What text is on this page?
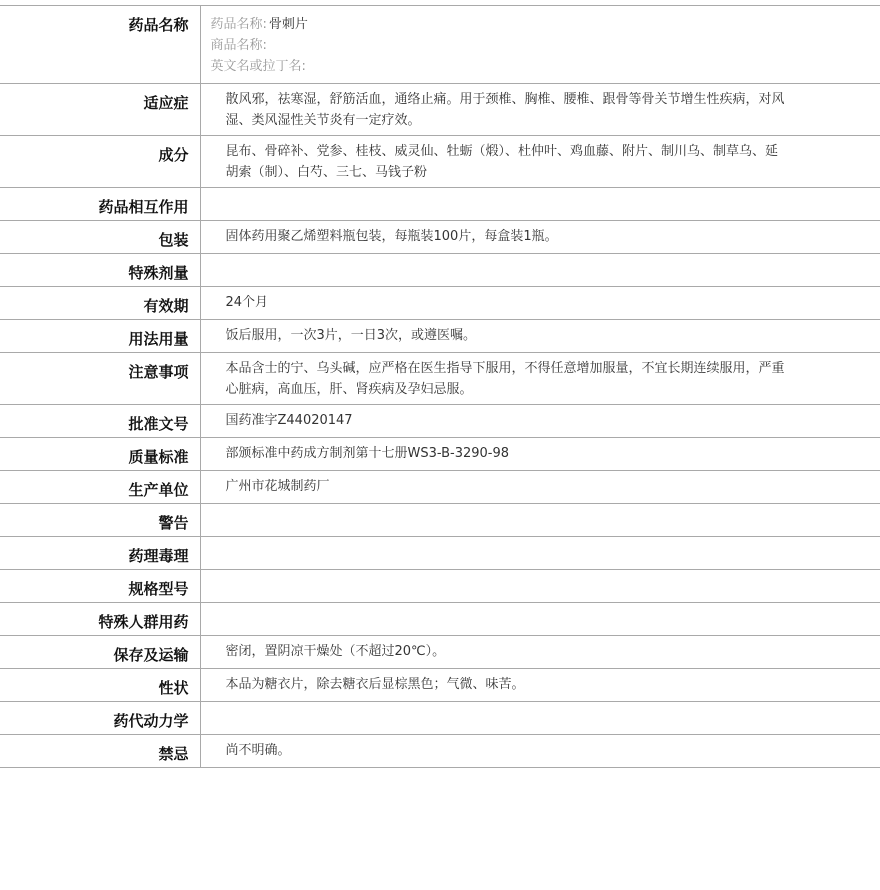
药品名称	药品名称: 骨刺片
商品名称:
英文名或拉丁名:

适应症	散风邪，祛寒湿，舒筋活血，通络止痛。用于颈椎、胸椎、腰椎、跟骨等骨关节增生性疾病，对风湿、类风湿性关节炎有一定疗效。
成分	昆布、骨碎补、党参、桂枝、威灵仙、牡蛎（煅）、杜仲叶、鸡血藤、附片、制川乌、制草乌、延胡索（制）、白芍、三七、马钱子粉
药品相互作用	
包装	固体药用聚乙烯塑料瓶包装，每瓶装100片，每盒装1瓶。
特殊剂量	
有效期	24个月
用法用量	饭后服用，一次3片，一日3次，或遵医嘱。
注意事项	本品含士的宁、乌头碱，应严格在医生指导下服用，不得任意增加服量，不宜长期连续服用，严重心脏病，高血压，肝、肾疾病及孕妇忌服。
批准文号	国药准字Z44020147
质量标准	部颁标准中药成方制剂第十七册WS3-B-3290-98
生产单位	广州市花城制药厂
警告	
药理毒理	
规格型号	
特殊人群用药	
保存及运输	密闭，置阴凉干燥处（不超过20℃）。
性状	本品为糖衣片，除去糖衣后显棕黑色；气微、味苦。
药代动力学	
禁忌	尚不明确。
